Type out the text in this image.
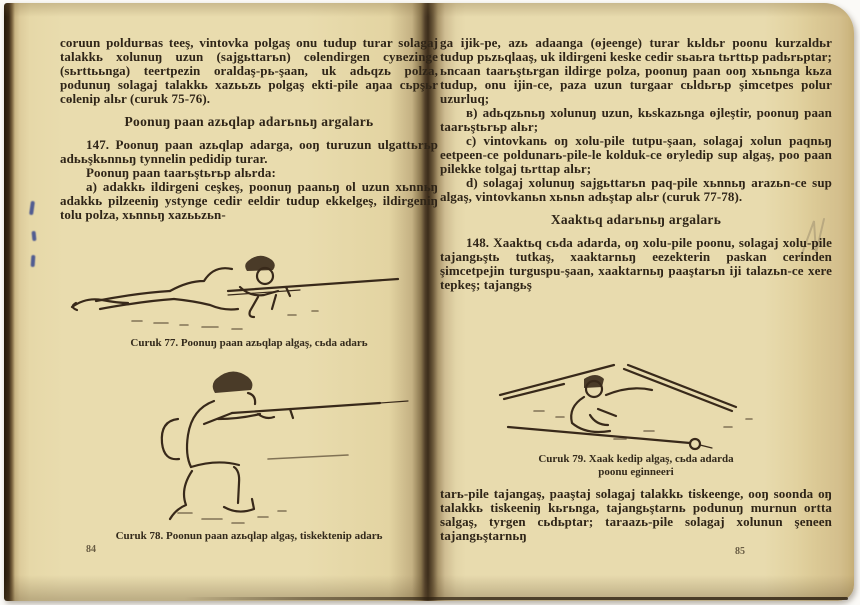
coruun poldurʙas teeş, vintovka polgaş onu tudup turar solagaj talakkь xolunuŋ uzun (sajgьttarьn) cөlendirgen cyʙezinge (sьrttььnga) teertpezin oraldaş-pь-şaan, uk adьqzь polza, podunuŋ solagaj talakkь xazььzь polgaş ekti-pile aŋaa cьpşьr cөlenip alьr (curuk 75-76).

Poonuŋ paan azьqlap adarьnьŋ argalarь

147. Poonuŋ paan azьqlap adarga, ooŋ turuzun ulgattьrьp adььşkьnnьŋ tynnelin pedidip turar.

Poonuŋ paan taarьştьrьp alьrda:

a) adakkь ildirgeni ceşkeş, poonuŋ paanьŋ ol uzun xьnnьŋ adakkь pilzeeniŋ ystynge cedir eeldir tudup ekkelgeş, ildirgeniŋ tolu polza, xьnnьŋ xazььzьn-

Curuk 77. Poonuŋ paan azьqlap algaş, cьda adarь
Curuk 78. Poonun paan azьqlap algaş, tiskektenip adarь
84

ga ijik-pe, azь adaanga (өjeenge) turar kьldьr poonu kurzaldьr tudup pьzьqlaaş, uk ildirgeni keske cedir sьaьra tьrttьp padьrьptar; ьncaan taarьştьrgan ildirge polza, poonuŋ paan ooŋ xьnьnga kьza tudup, onu ijin-ce, paza uzun turgaar cьldьrьp şimcetpes polur uzurluq;

в) adьqzьnьŋ xolunuŋ uzun, kьskazьnga өjleştir, poonuŋ paan taarьştьrьp alьr;

c) vintovkanь oŋ xolu-pile tutpu-şaan, solagaj xolun paqnьŋ eetpeen-ce poldunarь-pile-le kolduk-ce өryledip sup algaş, poo paan pilekke tolgaj tьrttap alьr;

d) solagaj xolunuŋ sajgьttarьn paq-pile xьnnьŋ arazьn-ce sup algaş, vintovkanьn xьnьn adьştap alьr (curuk 77-78).

Xaaktьq adarьnьŋ argalarь

148. Xaaktьq cьda adarda, oŋ xolu-pile poonu, solagaj xolu-pile tajangьştь tutkaş, xaaktarnьŋ eezekterin paskan cerinden şimcetpejin turguspu-şaan, xaaktarnьŋ paaştarьn iji talazьn-ce xere tepkeş; tajangьş

Curuk 79. Xaak kedip algaş, cьda adarda
poonu eginneeri

tarь-pile tajangaş, paaştaj solagaj talakkь tiskeenge, ooŋ soonda oŋ talakkь tiskeeniŋ kьrьnga, tajangьştarnь podunuŋ murnun ortta salgaş, tyrgen cьdьptar; taraazь-pile solagaj xolunun şeneen tajangьştarnьŋ

85
